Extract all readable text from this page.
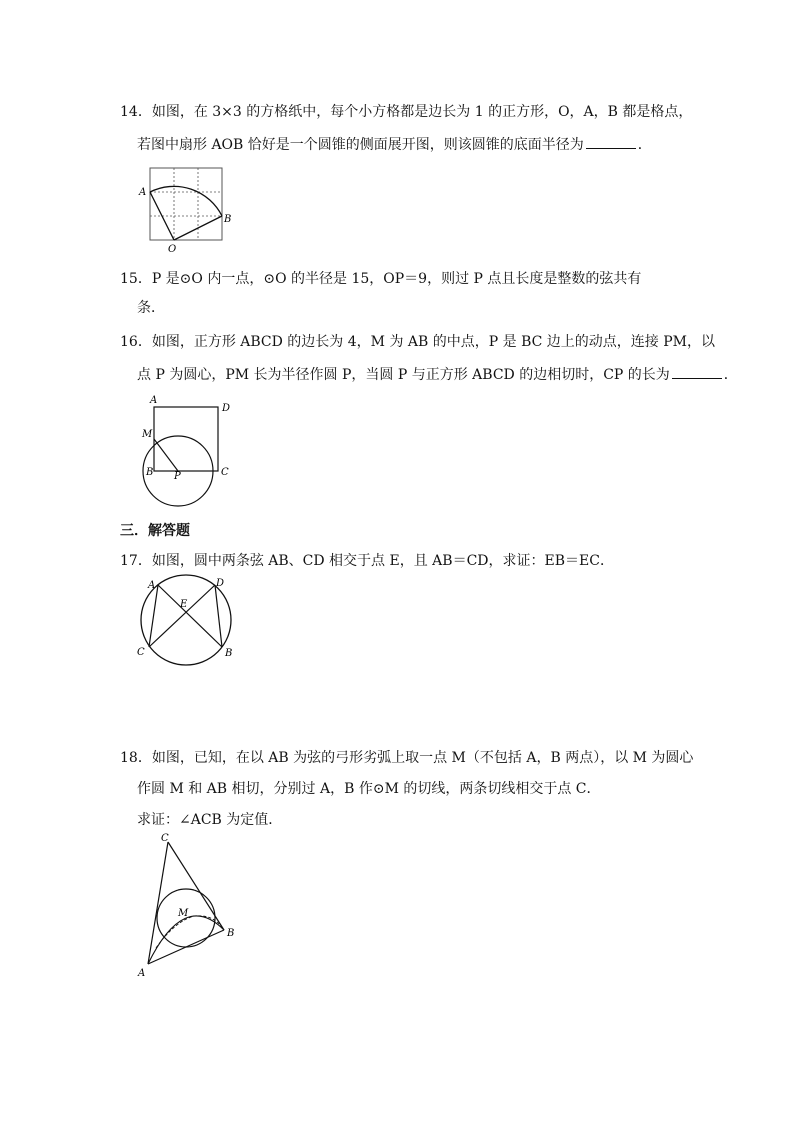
14．如图，在 3×3 的方格纸中，每个小方格都是边长为 1 的正方形，O，A，B 都是格点，
若图中扇形 AOB 恰好是一个圆锥的侧面展开图，则该圆锥的底面半径为	．
A
B
O
15．P 是⊙O 内一点，⊙O 的半径是 15，OP＝9，则过 P 点且长度是整数的弦共有
条．
16．如图，正方形 ABCD 的边长为 4，M 为 AB 的中点，P 是 BC 边上的动点，连接 PM，以
点 P 为圆心，PM 长为半径作圆 P，当圆 P 与正方形 ABCD 的边相切时，CP 的长为	．
A
D
M
B P	C
三．解答题
17．如图，圆中两条弦 AB、CD 相交于点 E，且 AB＝CD，求证：EB＝EC．
A	D
E
C	B
18．如图，已知，在以 AB 为弦的弓形劣弧上取一点 M（不包括 A，B 两点），以 M 为圆心
作圆 M 和 AB 相切，分别过 A，B 作⊙M 的切线，两条切线相交于点 C．
求证：∠ACB 为定值．
C
M
B
A
